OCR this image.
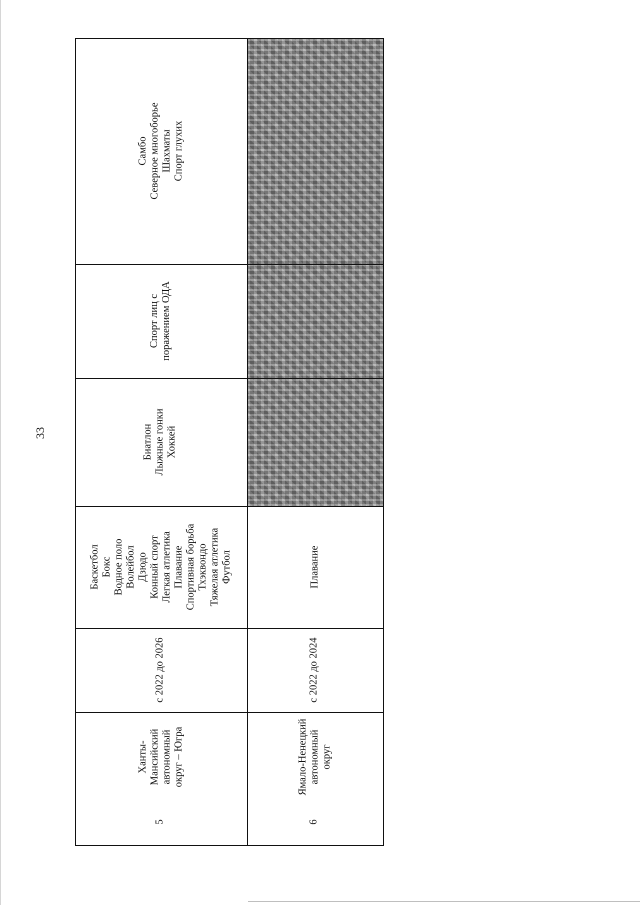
33
5
Ханты- Мансийский автономный округ – Югра
с 2022 до 2026
Баскетбол Бокс Водное поло Волейбол Дзюдо Конный спорт Легкая атлетика Плавание Спортивная борьба Тхэквондо Тяжелая атлетика Футбол
Биатлон Лыжные гонки Хоккей
Спорт лиц с поражением ОДА
Самбо Северное многоборье Шахматы Спорт глухих
6
Ямало-Ненецкий автономный округ
с 2022 до 2024
Плавание
